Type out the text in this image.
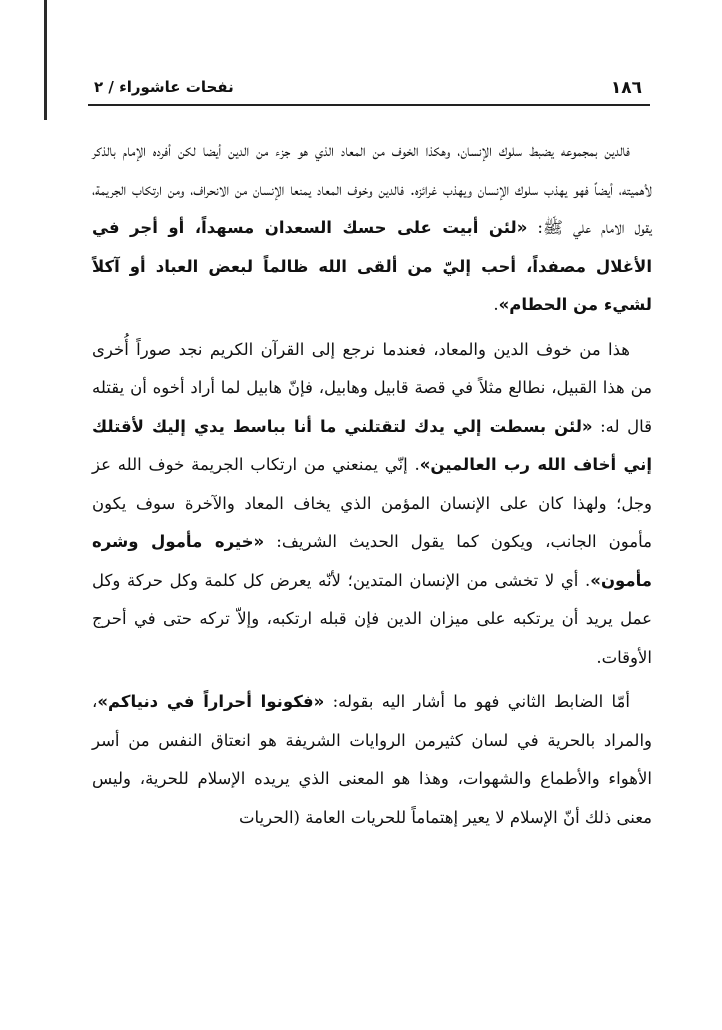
١٨٦
نفحات عاشوراء / ٢

فالدين بمجموعه يضبط سلوك الإنسان، وهكذا الخوف من المعاد الذي هو جزء من الدين أيضا لكن أفرده الإمام بالذكر لأهميته، أيضاً فهو يهذب سلوك الإنسان ويهذب غرائزه. فالدين وخوف المعاد يمنعا الإنسان من الانحراف، ومن ارتكاب الجريمة، يقول الامام علي ﷺ: «لئن أبيت على حسك السعدان مسهداً، أو أجر في الأغلال مصفداً، أحب إليّ من ألقى الله ظالماً لبعض العباد أو آكلاً لشيء من الحطام».

هذا من خوف الدين والمعاد، فعندما نرجع إلى القرآن الكريم نجد صوراً أُخرى من هذا القبيل، نطالع مثلاً في قصة قابيل وهابيل، فإنّ هابيل لما أراد أخوه أن يقتله قال له: «لئن بسطت إلي يدك لتقتلني ما أنا بباسط يدي إليك لأقتلك إني أخاف الله رب العالمين». إنّي يمنعني من ارتكاب الجريمة خوف الله عز وجل؛ ولهذا كان على الإنسان المؤمن الذي يخاف المعاد والآخرة سوف يكون مأمون الجانب، ويكون كما يقول الحديث الشريف: «خيره مأمول وشره مأمون». أي لا تخشى من الإنسان المتدين؛ لأنّه يعرض كل كلمة وكل حركة وكل عمل يريد أن يرتكبه على ميزان الدين فإن قبله ارتكبه، وإلاّ تركه حتى في أحرج الأوقات.

أمّا الضابط الثاني فهو ما أشار اليه بقوله: «فكونوا أحراراً في دنياكم»، والمراد بالحرية في لسان كثيرمن الروايات الشريفة هو انعتاق النفس من أسر الأهواء والأطماع والشهوات، وهذا هو المعنى الذي يريده الإسلام للحرية، وليس معنى ذلك أنّ الإسلام لا يعير إهتماماً للحريات العامة (الحريات
